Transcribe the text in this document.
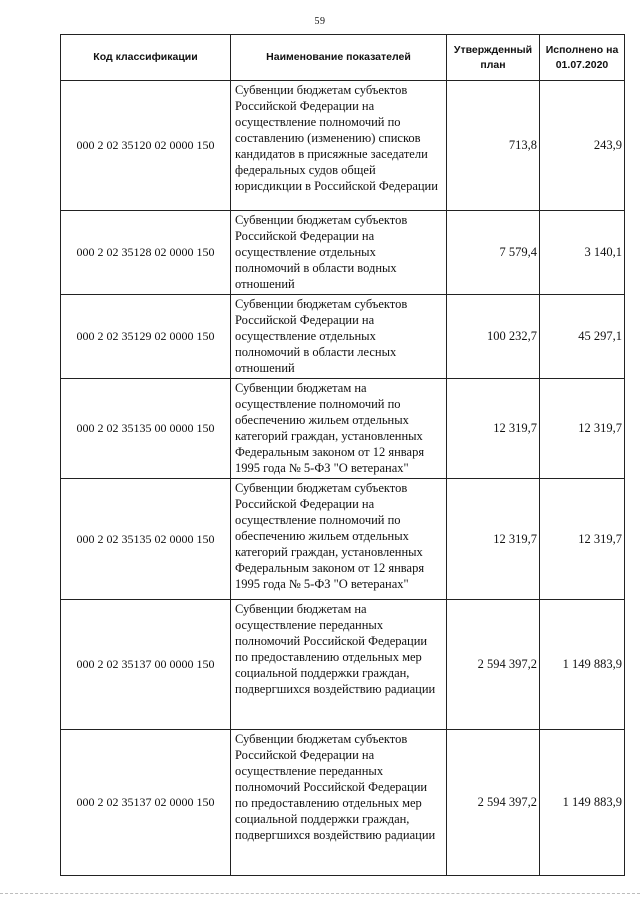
59
Код классификации	Наименование показателей	Утвержденный план	Исполнено на 01.07.2020
000 2 02 35120 02 0000 150	Субвенции бюджетам субъектов Российской Федерации на осуществление полномочий по составлению (изменению) списков кандидатов в присяжные заседатели федеральных судов общей юрисдикции в Российской Федерации	713,8	243,9
000 2 02 35128 02 0000 150	Субвенции бюджетам субъектов Российской Федерации на осуществление отдельных полномочий в области водных отношений	7 579,4	3 140,1
000 2 02 35129 02 0000 150	Субвенции бюджетам субъектов Российской Федерации на осуществление отдельных полномочий в области лесных отношений	100 232,7	45 297,1
000 2 02 35135 00 0000 150	Субвенции бюджетам на осуществление полномочий по обеспечению жильем отдельных категорий граждан, установленных Федеральным законом от 12 января 1995 года № 5-ФЗ "О ветеранах"	12 319,7	12 319,7
000 2 02 35135 02 0000 150	Субвенции бюджетам субъектов Российской Федерации на осуществление полномочий по обеспечению жильем отдельных категорий граждан, установленных Федеральным законом от 12 января 1995 года № 5-ФЗ "О ветеранах"	12 319,7	12 319,7
000 2 02 35137 00 0000 150	Субвенции бюджетам на осуществление переданных полномочий Российской Федерации по предоставлению отдельных мер социальной поддержки граждан, подвергшихся воздействию радиации	2 594 397,2	1 149 883,9
000 2 02 35137 02 0000 150	Субвенции бюджетам субъектов Российской Федерации на осуществление переданных полномочий Российской Федерации по предоставлению отдельных мер социальной поддержки граждан, подвергшихся воздействию радиации	2 594 397,2	1 149 883,9
